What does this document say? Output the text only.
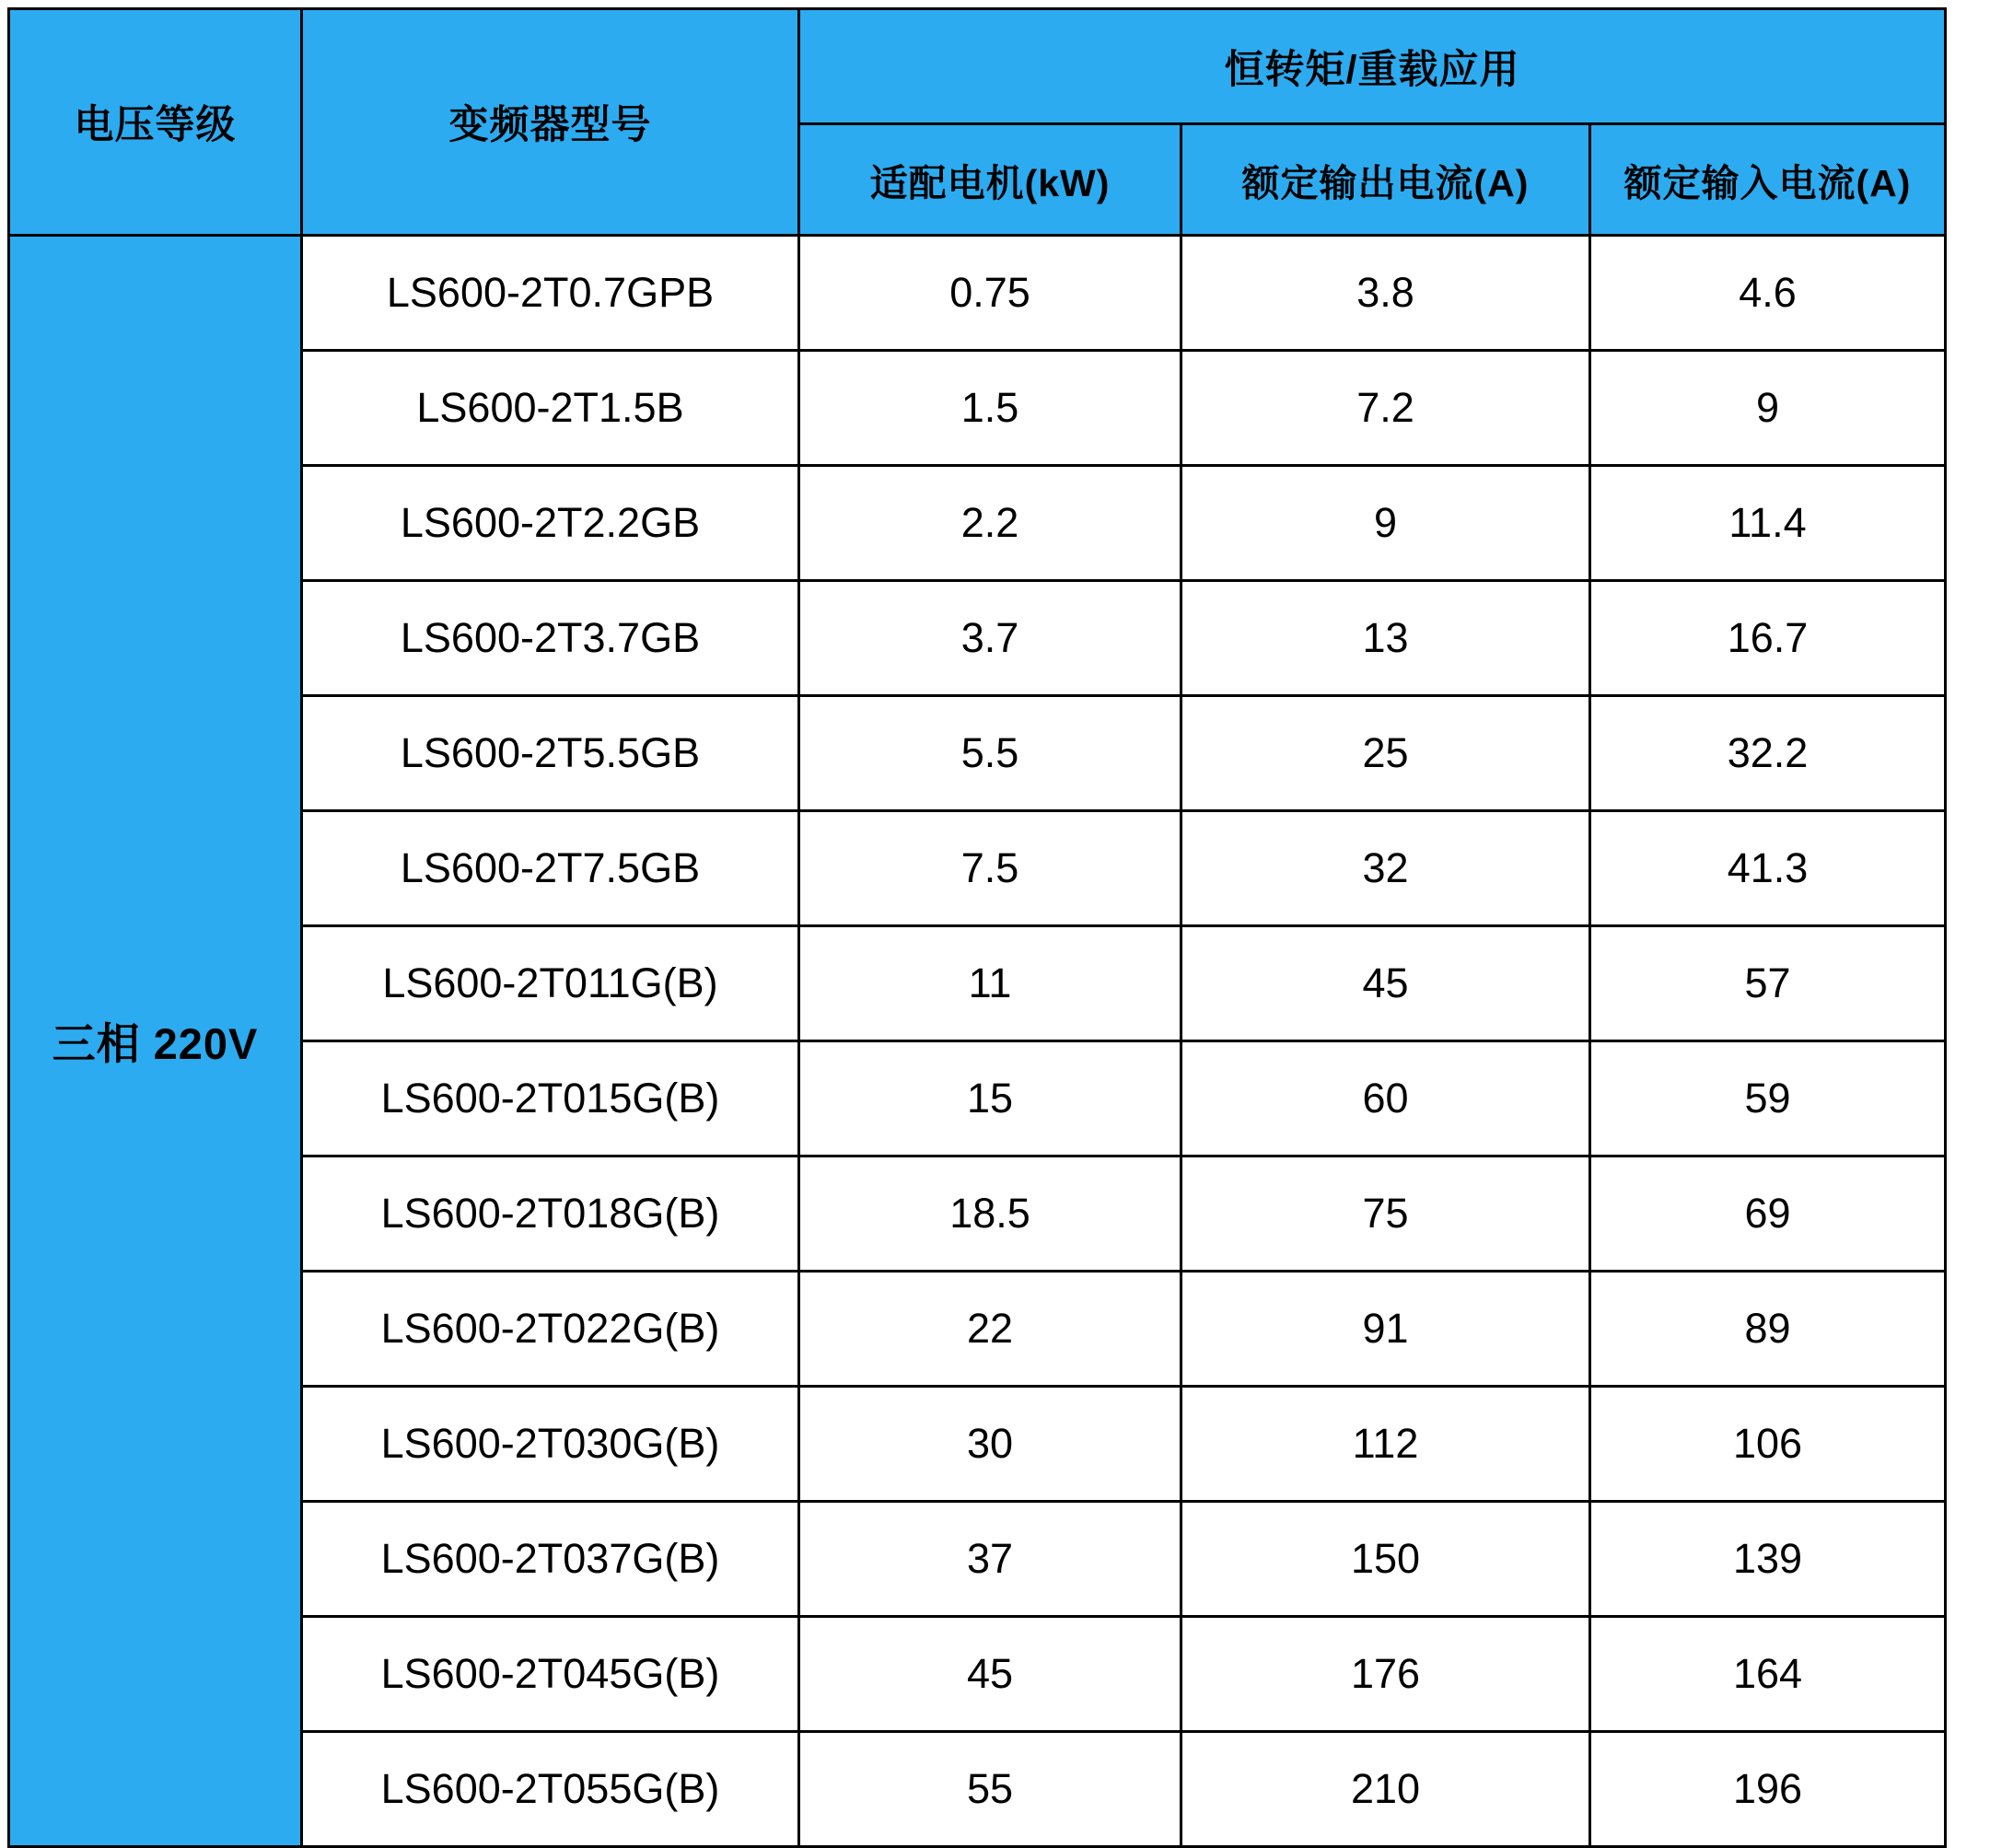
电压等级	变频器型号	恒转矩/重载应用		
		适配电机(kW)	额定输出电流(A)	额定输入电流(A)
三相 220V	LS600-2T0.7GPB	0.75	3.8	4.6
	LS600-2T1.5B	1.5	7.2	9
	LS600-2T2.2GB	2.2	9	11.4
	LS600-2T3.7GB	3.7	13	16.7
	LS600-2T5.5GB	5.5	25	32.2
	LS600-2T7.5GB	7.5	32	41.3
	LS600-2T011G(B)	11	45	57
	LS600-2T015G(B)	15	60	59
	LS600-2T018G(B)	18.5	75	69
	LS600-2T022G(B)	22	91	89
	LS600-2T030G(B)	30	112	106
	LS600-2T037G(B)	37	150	139
	LS600-2T045G(B)	45	176	164
	LS600-2T055G(B)	55	210	196
